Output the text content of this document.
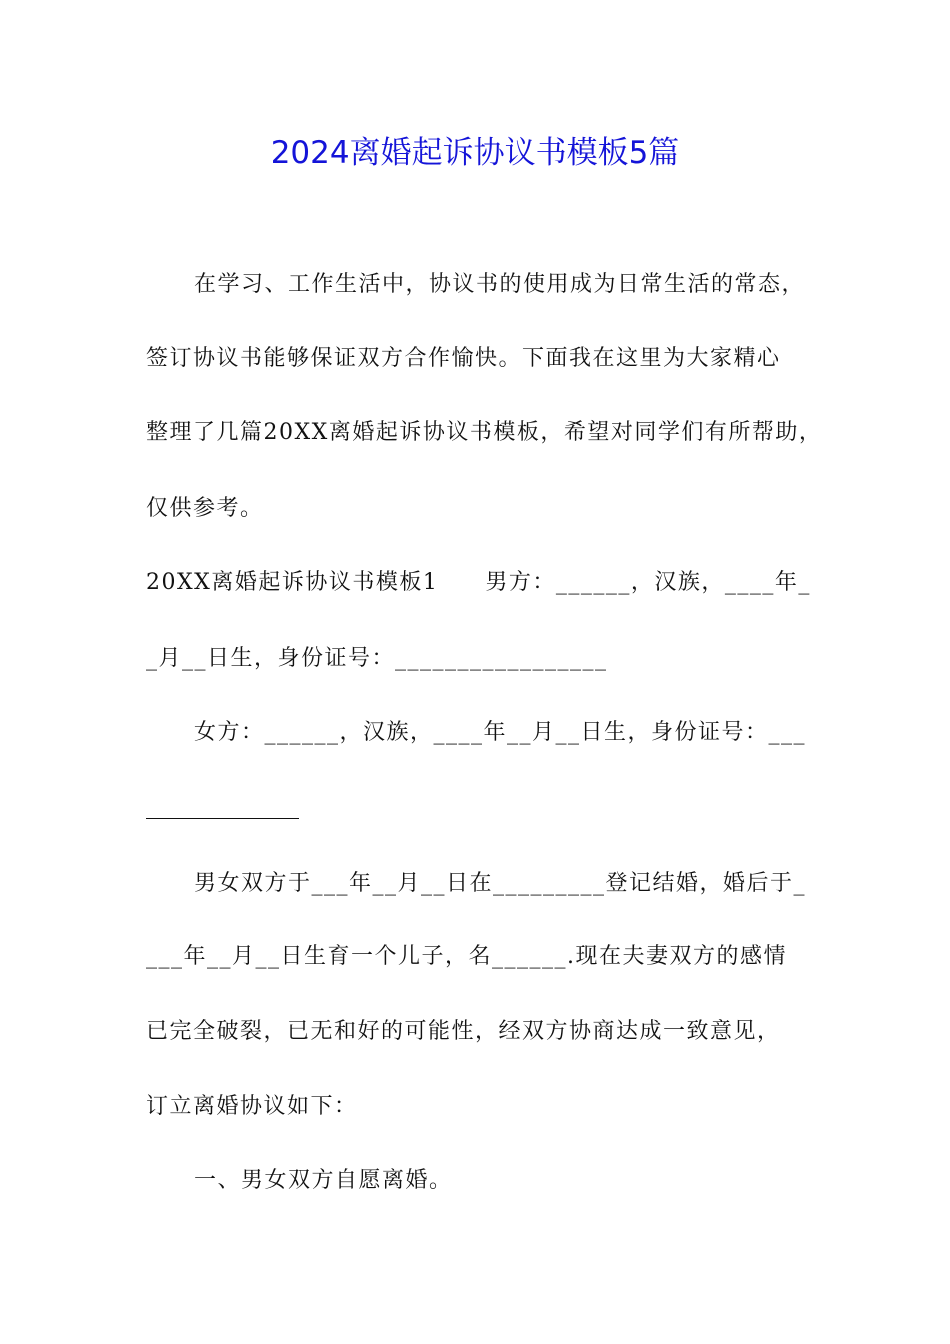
2024离婚起诉协议书模板5篇
在学习、工作生活中，协议书的使用成为日常生活的常态，
签订协议书能够保证双方合作愉快。下面我在这里为大家精心
整理了几篇20XX离婚起诉协议书模板，希望对同学们有所帮助，
仅供参考。
20XX离婚起诉协议书模板1　　男方：______，汉族，____年_
_月__日生，身份证号：_________________
女方：______，汉族，____年__月__日生，身份证号：___
男女双方于___年__月__日在_________登记结婚，婚后于_
___年__月__日生育一个儿子，名______.现在夫妻双方的感情
已完全破裂，已无和好的可能性，经双方协商达成一致意见，
订立离婚协议如下：
一、男女双方自愿离婚。
